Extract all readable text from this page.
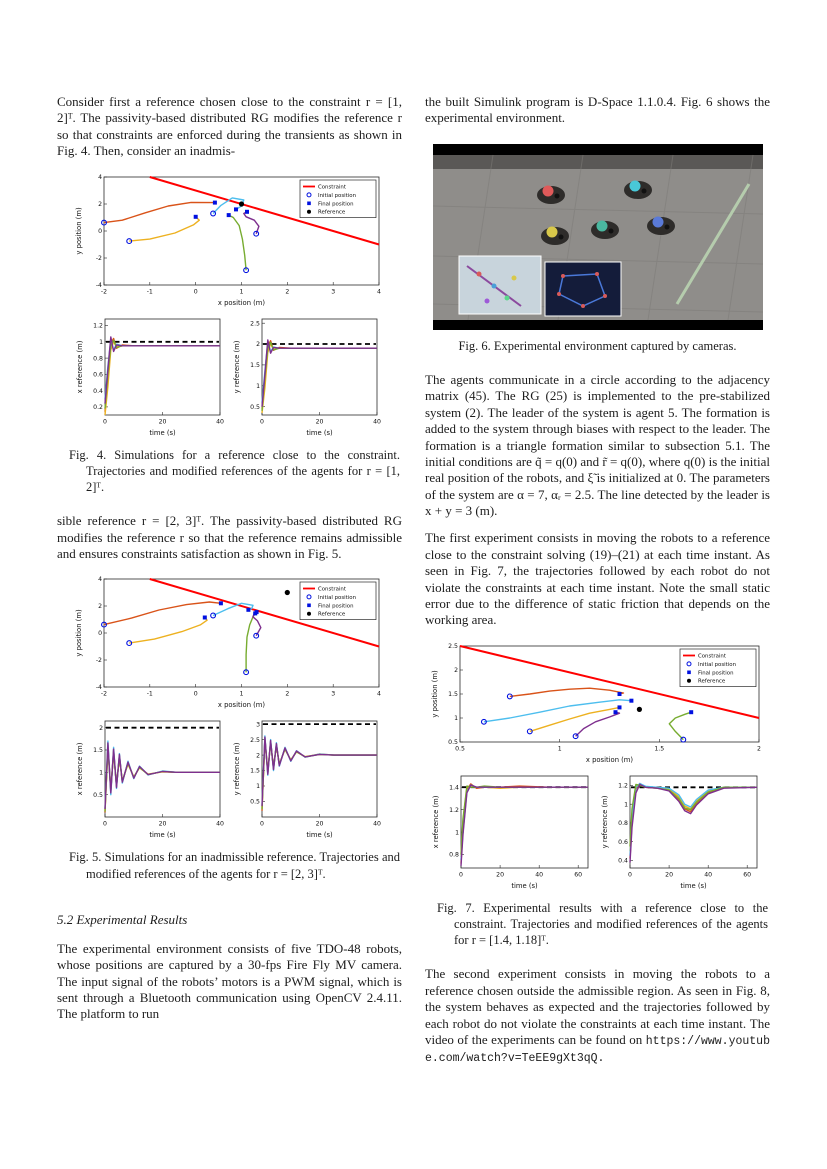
Consider first a reference chosen close to the constraint r = [1, 2]ᵀ. The passivity-based distributed RG modifies the reference r so that constraints are enforced during the transients as shown in Fig. 4. Then, consider an inadmis-

-2	-1	0	1	2	3	4
-4
-2
0
2
4
x position (m)
y position (m)
Constraint
Initial position
Final position
Reference
0	20	40
0.2
0.4
0.6
0.8
1
1.2
time (s)
x reference (m)
0	20	40
0.5
1
1.5
2
2.5
time (s)
y reference (m)
Fig. 4. Simulations for a reference close to the constraint. Trajectories and modified references of the agents for r = [1, 2]ᵀ.

sible reference r = [2, 3]ᵀ. The passivity-based distributed RG modifies the reference r so that the reference remains admissible and ensures constraints satisfaction as shown in Fig. 5.

-2	-1	0	1	2	3	4
-4
-2
0
2
4
x position (m)
y position (m)
Constraint
Initial position
Final position
Reference
0	20	40
0.5
1
1.5
2
time (s)
x reference (m)
0	20	40
0.5
1
1.5
2
2.5
3
time (s)
y reference (m)
Fig. 5. Simulations for an inadmissible reference. Trajectories and modified references of the agents for r = [2, 3]ᵀ.
5.2 Experimental Results

The experimental environment consists of five TDO-48 robots, whose positions are captured by a 30-fps Fire Fly MV camera. The input signal of the robots’ motors is a PWM signal, which is sent through a Bluetooth communication using OpenCV 2.4.11. The platform to run

the built Simulink program is D-Space 1.1.0.4. Fig. 6 shows the experimental environment.

Fig. 6. Experimental environment captured by cameras.

The agents communicate in a circle according to the adjacency matrix (45). The RG (25) is implemented to the pre-stabilized system (2). The leader of the system is agent 5. The formation is added to the system through biases with respect to the leader. The formation is a triangle formation similar to subsection 5.1. The initial conditions are q̃ = q(0) and r̃ = q(0), where q(0) is the initial real position of the robots, and ξ̃ is initialized at 0. The parameters of the system are α = 7, αᵣ = 2.5. The line detected by the leader is x + y = 3 (m).

The first experiment consists in moving the robots to a reference close to the constraint solving (19)–(21) at each time instant. As seen in Fig. 7, the trajectories followed by each robot do not violate the constraints at each time instant. Note the small static error due to the difference of static friction that depends on the working area.

0.5	1	1.5	2
0.5
1
1.5
2
2.5
x position (m)
y position (m)
Constraint
Initial position
Final position
Reference
0	20	40	60
0.8
1
1.2
1.4
time (s)
x reference (m)
0	20	40	60
0.4
0.6
0.8
1
1.2
time (s)
y reference (m)
Fig. 7. Experimental results with a reference close to the constraint. Trajectories and modified references of the agents for r = [1.4, 1.18]ᵀ.

The second experiment consists in moving the robots to a reference chosen outside the admissible region. As seen in Fig. 8, the system behaves as expected and the trajectories followed by each robot do not violate the constraints at each time instant. The video of the experiments can be found on https://www.youtube.com/watch?v=TeEE9gXt3qQ.
